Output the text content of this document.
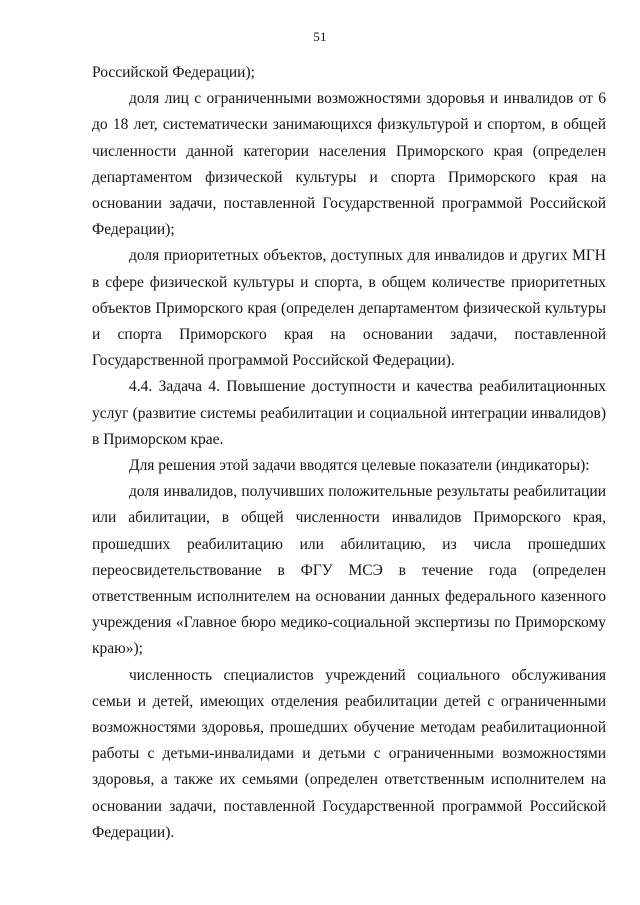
51

Российской Федерации);

доля лиц с ограниченными возможностями здоровья и инвалидов от 6 до 18 лет, систематически занимающихся физкультурой и спортом, в общей численности данной категории населения Приморского края (определен департаментом физической культуры и спорта Приморского края на основании задачи, поставленной Государственной программой Российской Федерации);

доля приоритетных объектов, доступных для инвалидов и других МГН в сфере физической культуры и спорта, в общем количестве приоритетных объектов Приморского края (определен департаментом физической культуры и спорта Приморского края на основании задачи, поставленной Государственной программой Российской Федерации).

4.4. Задача 4. Повышение доступности и качества реабилитационных услуг (развитие системы реабилитации и социальной интеграции инвалидов) в Приморском крае.

Для решения этой задачи вводятся целевые показатели (индикаторы):

доля инвалидов, получивших положительные результаты реабилитации или абилитации, в общей численности инвалидов Приморского края, прошедших реабилитацию или абилитацию, из числа прошедших переосвидетельствование в ФГУ МСЭ в течение года (определен ответственным исполнителем на основании данных федерального казенного учреждения «Главное бюро медико-социальной экспертизы по Приморскому краю»);

численность специалистов учреждений социального обслуживания семьи и детей, имеющих отделения реабилитации детей с ограниченными возможностями здоровья, прошедших обучение методам реабилитационной работы с детьми-инвалидами и детьми с ограниченными возможностями здоровья, а также их семьями (определен ответственным исполнителем на основании задачи, поставленной Государственной программой Российской Федерации).
